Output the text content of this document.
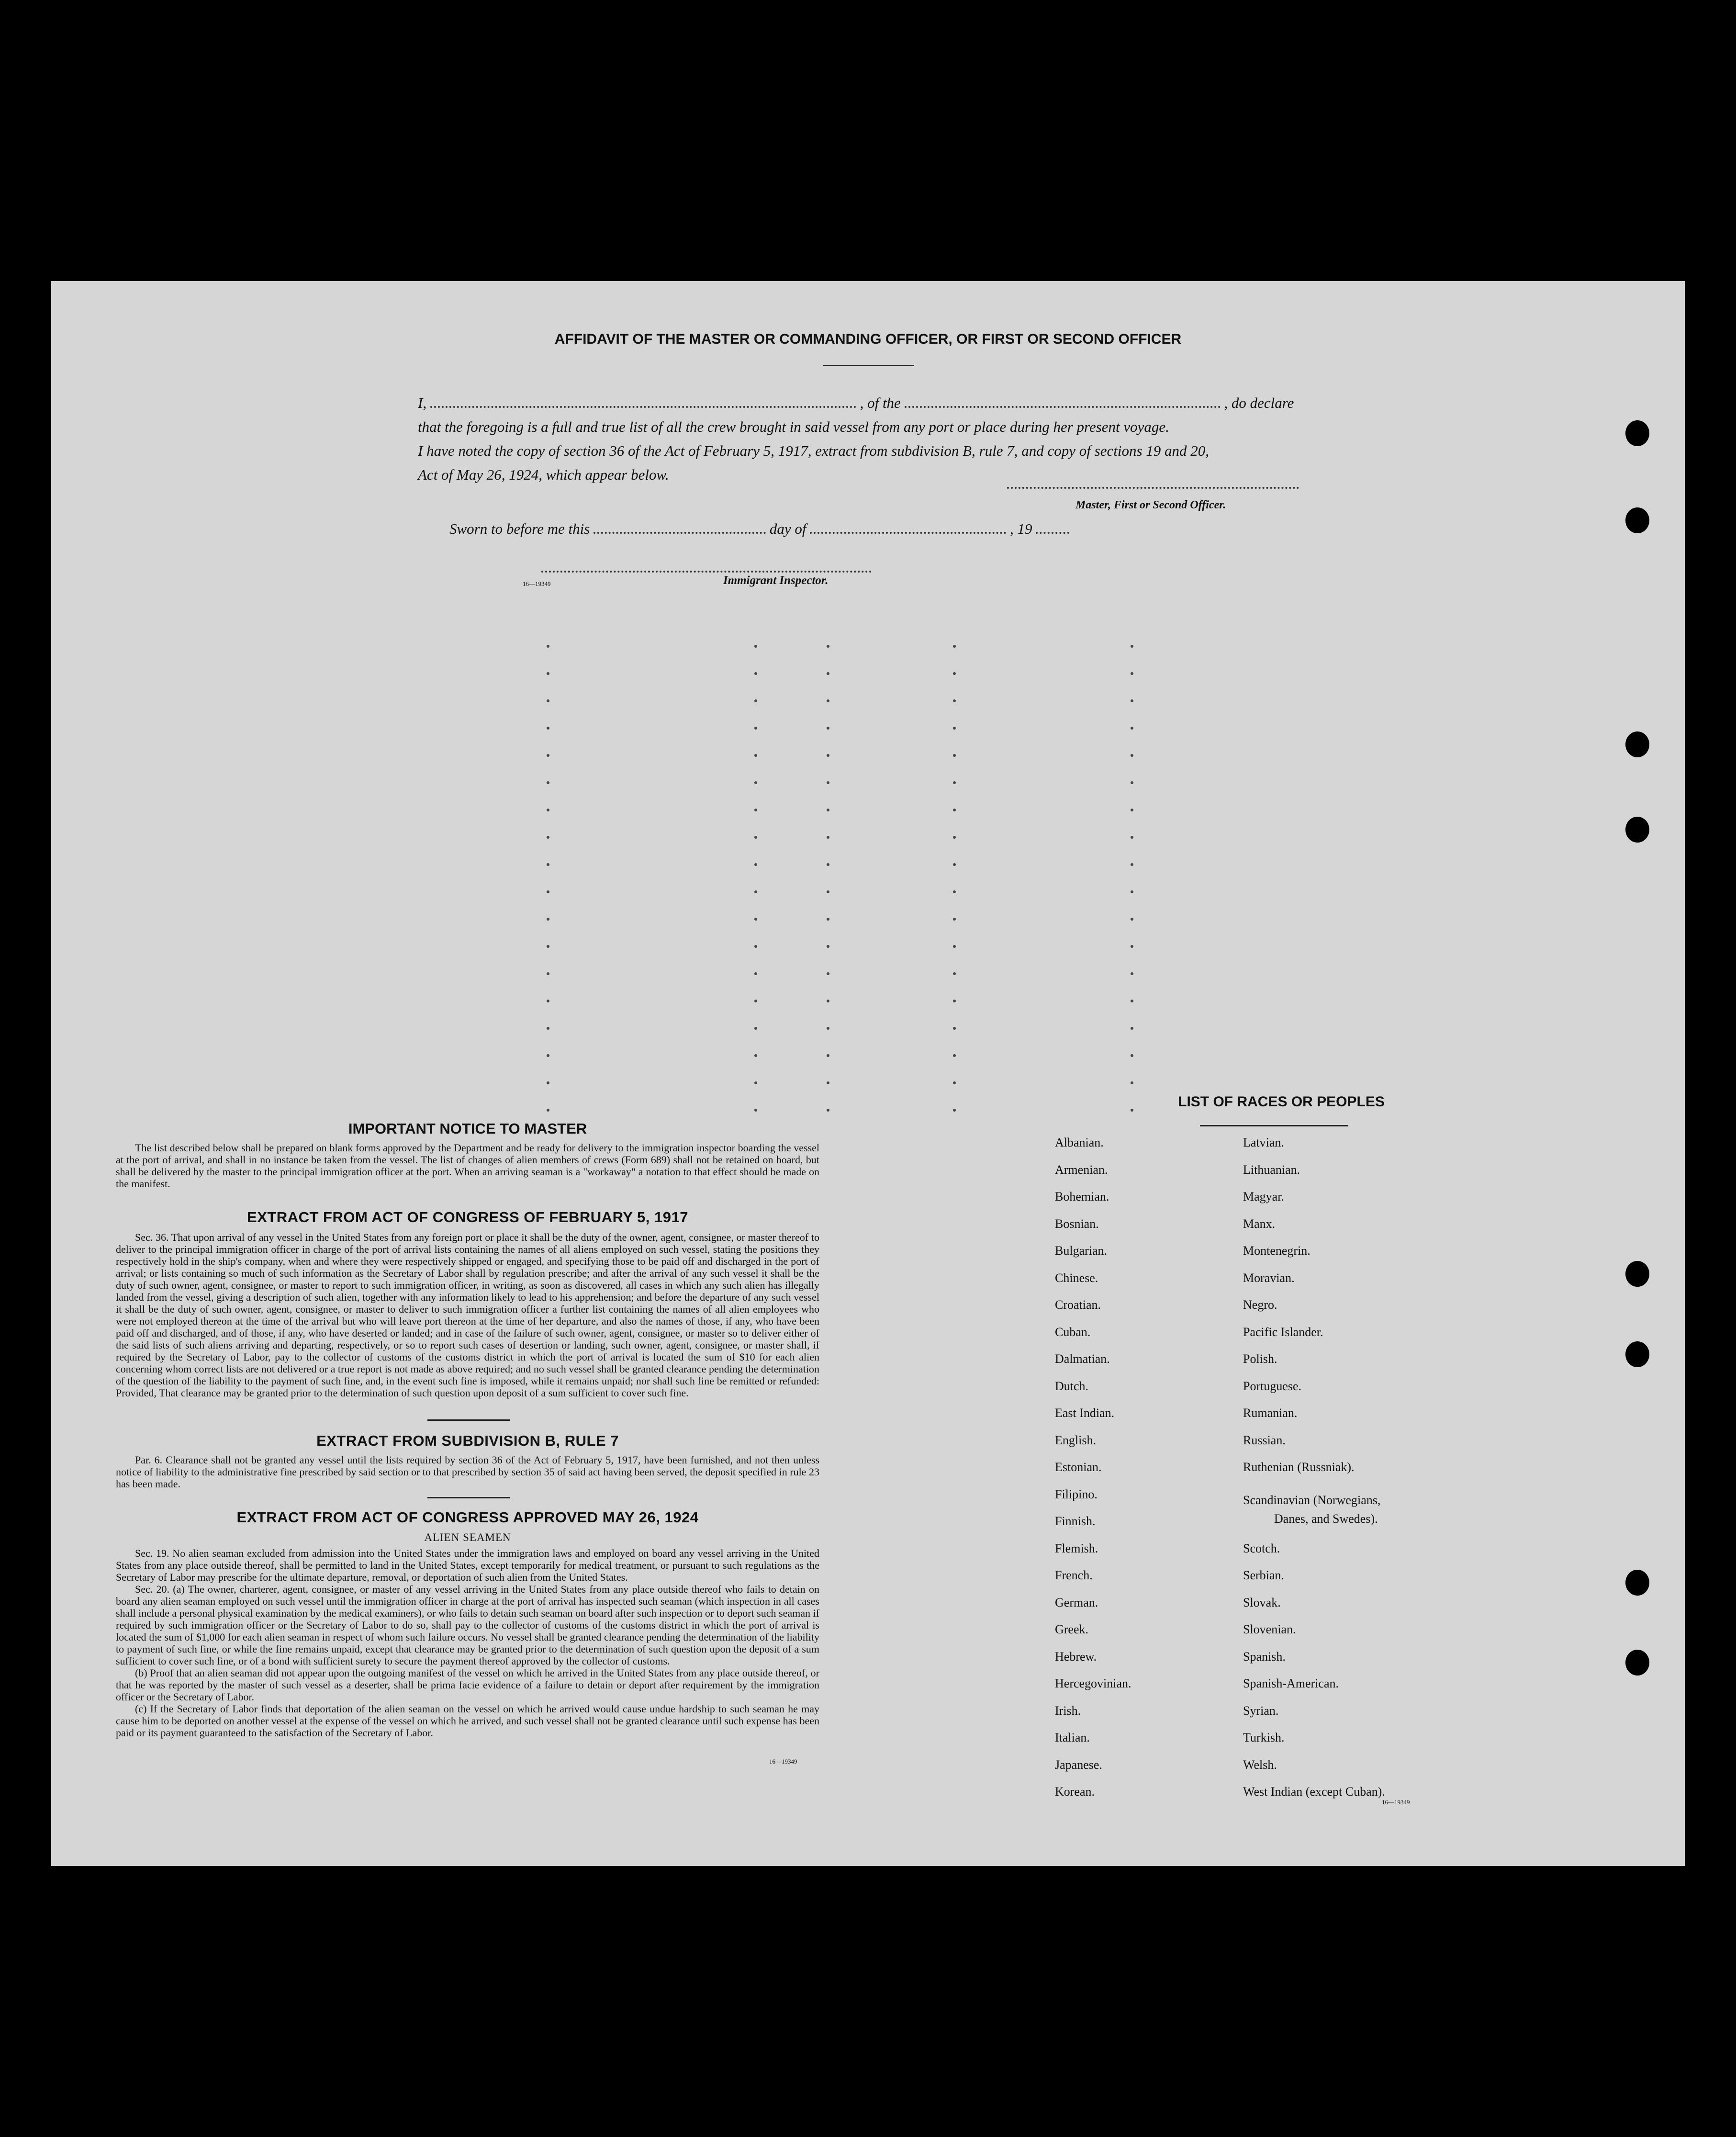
AFFIDAVIT OF THE MASTER OR COMMANDING OFFICER, OR FIRST OR SECOND OFFICER
I,	, of the	, do declare
that the foregoing is a full and true list of all the crew brought in said vessel from any port or place during her present voyage.
I have noted the copy of section 36 of the Act of February 5, 1917, extract from subdivision B, rule 7, and copy of sections 19 and 20,
Act of May 26, 1924, which appear below.
Master, First or Second Officer.
Sworn to before me this	day of	, 19
16—19349	Immigrant Inspector.
IMPORTANT NOTICE TO MASTER
The list described below shall be prepared on blank forms approved by the Department and be ready for delivery to the immigration inspector boarding the vessel at the port of arrival, and shall in no instance be taken from the vessel. The list of changes of alien members of crews (Form 689) shall not be retained on board, but shall be delivered by the master to the principal immigration officer at the port. When an arriving seaman is a "workaway" a notation to that effect should be made on the manifest.
EXTRACT FROM ACT OF CONGRESS OF FEBRUARY 5, 1917
Sec. 36. That upon arrival of any vessel in the United States from any foreign port or place it shall be the duty of the owner, agent, consignee, or master thereof to deliver to the principal immigration officer in charge of the port of arrival lists containing the names of all aliens employed on such vessel, stating the positions they respectively hold in the ship's company, when and where they were respectively shipped or engaged, and specifying those to be paid off and discharged in the port of arrival; or lists containing so much of such information as the Secretary of Labor shall by regulation prescribe; and after the arrival of any such vessel it shall be the duty of such owner, agent, consignee, or master to report to such immigration officer, in writing, as soon as discovered, all cases in which any such alien has illegally landed from the vessel, giving a description of such alien, together with any information likely to lead to his apprehension; and before the departure of any such vessel it shall be the duty of such owner, agent, consignee, or master to deliver to such immigration officer a further list containing the names of all alien employees who were not employed thereon at the time of the arrival but who will leave port thereon at the time of her departure, and also the names of those, if any, who have been paid off and discharged, and of those, if any, who have deserted or landed; and in case of the failure of such owner, agent, consignee, or master so to deliver either of the said lists of such aliens arriving and departing, respectively, or so to report such cases of desertion or landing, such owner, agent, consignee, or master shall, if required by the Secretary of Labor, pay to the collector of customs of the customs district in which the port of arrival is located the sum of $10 for each alien concerning whom correct lists are not delivered or a true report is not made as above required; and no such vessel shall be granted clearance pending the determination of the question of the liability to the payment of such fine, and, in the event such fine is imposed, while it remains unpaid; nor shall such fine be remitted or refunded: Provided, That clearance may be granted prior to the determination of such question upon deposit of a sum sufficient to cover such fine.
EXTRACT FROM SUBDIVISION B, RULE 7
Par. 6. Clearance shall not be granted any vessel until the lists required by section 36 of the Act of February 5, 1917, have been furnished, and not then unless notice of liability to the administrative fine prescribed by said section or to that prescribed by section 35 of said act having been served, the deposit specified in rule 23 has been made.
EXTRACT FROM ACT OF CONGRESS APPROVED MAY 26, 1924
ALIEN SEAMEN
Sec. 19. No alien seaman excluded from admission into the United States under the immigration laws and employed on board any vessel arriving in the United States from any place outside thereof, shall be permitted to land in the United States, except temporarily for medical treatment, or pursuant to such regulations as the Secretary of Labor may prescribe for the ultimate departure, removal, or deportation of such alien from the United States.
Sec. 20. (a) The owner, charterer, agent, consignee, or master of any vessel arriving in the United States from any place outside thereof who fails to detain on board any alien seaman employed on such vessel until the immigration officer in charge at the port of arrival has inspected such seaman (which inspection in all cases shall include a personal physical examination by the medical examiners), or who fails to detain such seaman on board after such inspection or to deport such seaman if required by such immigration officer or the Secretary of Labor to do so, shall pay to the collector of customs of the customs district in which the port of arrival is located the sum of $1,000 for each alien seaman in respect of whom such failure occurs. No vessel shall be granted clearance pending the determination of the liability to payment of such fine, or while the fine remains unpaid, except that clearance may be granted prior to the determination of such question upon the deposit of a sum sufficient to cover such fine, or of a bond with sufficient surety to secure the payment thereof approved by the collector of customs.
(b) Proof that an alien seaman did not appear upon the outgoing manifest of the vessel on which he arrived in the United States from any place outside thereof, or that he was reported by the master of such vessel as a deserter, shall be prima facie evidence of a failure to detain or deport after requirement by the immigration officer or the Secretary of Labor.
(c) If the Secretary of Labor finds that deportation of the alien seaman on the vessel on which he arrived would cause undue hardship to such seaman he may cause him to be deported on another vessel at the expense of the vessel on which he arrived, and such vessel shall not be granted clearance until such expense has been paid or its payment guaranteed to the satisfaction of the Secretary of Labor.
16—19349
LIST OF RACES OR PEOPLES
Albanian.
Armenian.
Bohemian.
Bosnian.
Bulgarian.
Chinese.
Croatian.
Cuban.
Dalmatian.
Dutch.
East Indian.
English.
Estonian.
Filipino.
Finnish.
Flemish.
French.
German.
Greek.
Hebrew.
Hercegovinian.
Irish.
Italian.
Japanese.
Korean.
Latvian.
Lithuanian.
Magyar.
Manx.
Montenegrin.
Moravian.
Negro.
Pacific Islander.
Polish.
Portuguese.
Rumanian.
Russian.
Ruthenian (Russniak).
Scandinavian (Norwegians,
Scotch.
Serbian.
Slovak.
Slovenian.
Spanish.
Spanish-American.
Syrian.
Turkish.
Welsh.
West Indian (except Cuban).
Danes, and Swedes).
16—19349
